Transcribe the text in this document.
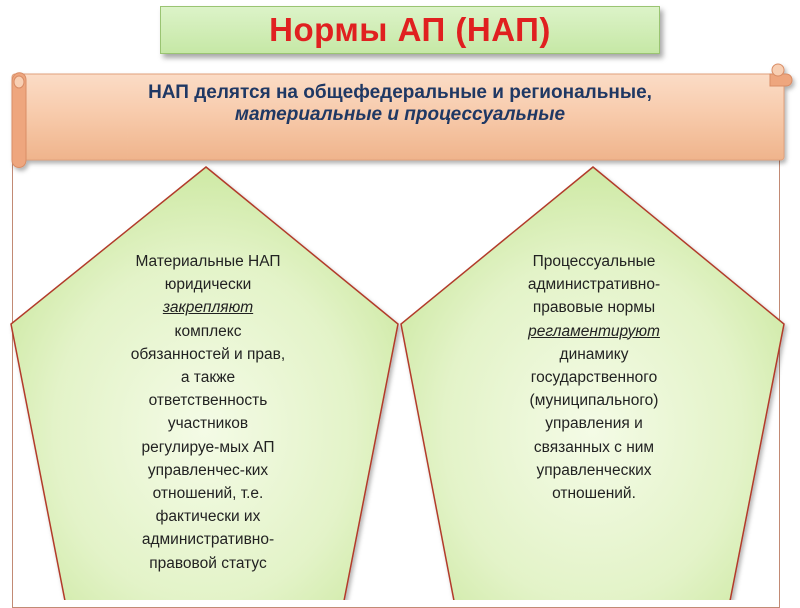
Нормы АП (НАП)
НАП делятся на общефедеральные и региональные,
материальные и процессуальные
Материальные НАП
юридически
закрепляют
комплекс
обязанностей и прав,
а также
ответственность
участников
регулируе-мых АП
управленчес-ких
отношений, т.е.
фактически их
административно-
правовой статус
Процессуальные
административно-
правовые нормы
регламентируют
динамику
государственного
(муниципального)
управления и
связанных с ним
управленческих
отношений.
